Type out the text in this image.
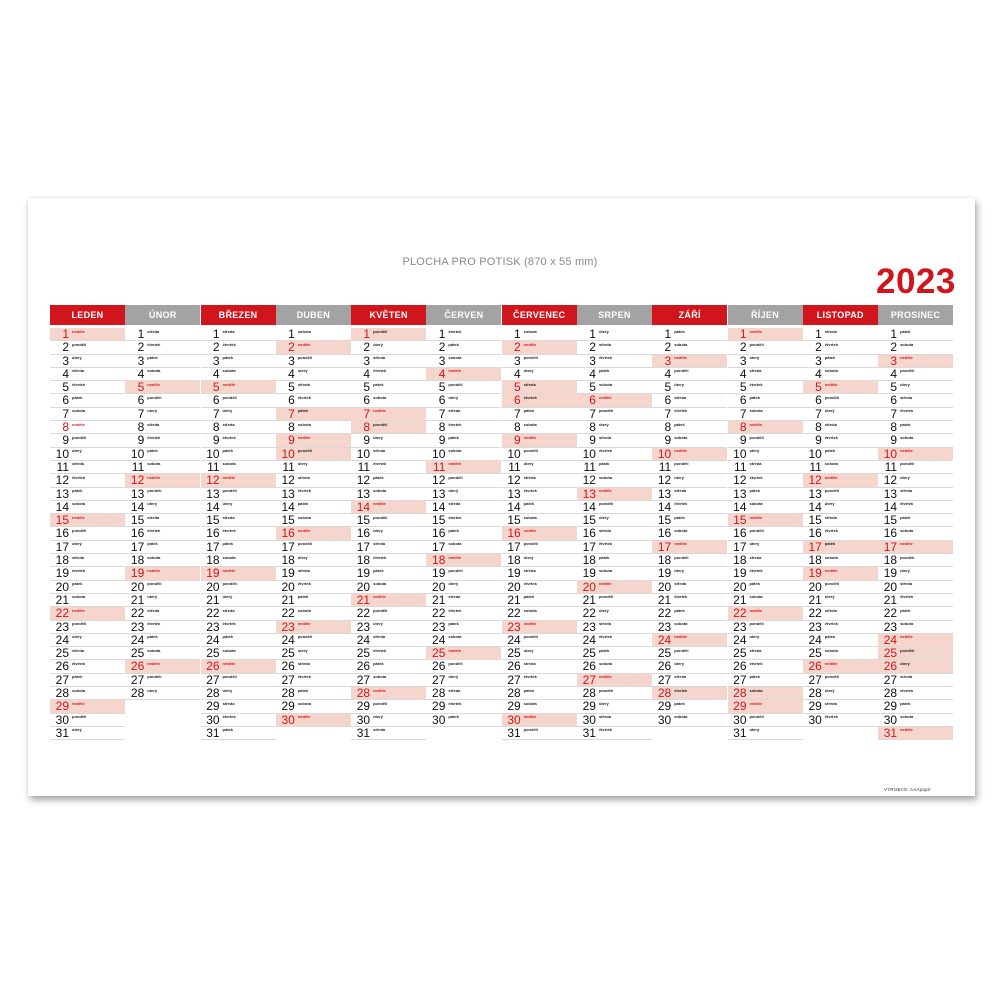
PLOCHA PRO POTISK (870 x 55 mm)	2023
LEDEN
1 neděle
2 pondělí
3 úterý
4 středa
5 čtvrtek
6 pátek
7 sobota
8 neděle
9 pondělí
10 úterý
11 středa
12 čtvrtek
13 pátek
14 sobota
15 neděle
16 pondělí
17 úterý
18 středa
19 čtvrtek
20 pátek
21 sobota
22 neděle
23 pondělí
24 úterý
25 středa
26 čtvrtek
27 pátek
28 sobota
29 neděle
30 pondělí
31 úterý
ÚNOR
1 středa
2 čtvrtek
3 pátek
4 sobota
5 neděle
6 pondělí
7 úterý
8 středa
9 čtvrtek
10 pátek
11 sobota
12 neděle
13 pondělí
14 úterý
15 středa
16 čtvrtek
17 pátek
18 sobota
19 neděle
20 pondělí
21 úterý
22 středa
23 čtvrtek
24 pátek
25 sobota
26 neděle
27 pondělí
28 úterý
BŘEZEN
1 středa
2 čtvrtek
3 pátek
4 sobota
5 neděle
6 pondělí
7 úterý
8 středa
9 čtvrtek
10 pátek
11 sobota
12 neděle
13 pondělí
14 úterý
15 středa
16 čtvrtek
17 pátek
18 sobota
19 neděle
20 pondělí
21 úterý
22 středa
23 čtvrtek
24 pátek
25 sobota
26 neděle
27 pondělí
28 úterý
29 středa
30 čtvrtek
31 pátek
DUBEN
1 sobota
2 neděle
3 pondělí
4 úterý
5 středa
6 čtvrtek
7 pátek
8 sobota
9 neděle
10 pondělí
11 úterý
12 středa
13 čtvrtek
14 pátek
15 sobota
16 neděle
17 pondělí
18 úterý
19 středa
20 čtvrtek
21 pátek
22 sobota
23 neděle
24 pondělí
25 úterý
26 středa
27 čtvrtek
28 pátek
29 sobota
30 neděle
KVĚTEN
1 pondělí
2 úterý
3 středa
4 čtvrtek
5 pátek
6 sobota
7 neděle
8 pondělí
9 úterý
10 středa
11 čtvrtek
12 pátek
13 sobota
14 neděle
15 pondělí
16 úterý
17 středa
18 čtvrtek
19 pátek
20 sobota
21 neděle
22 pondělí
23 úterý
24 středa
25 čtvrtek
26 pátek
27 sobota
28 neděle
29 pondělí
30 úterý
31 středa
ČERVEN
1 čtvrtek
2 pátek
3 sobota
4 neděle
5 pondělí
6 úterý
7 středa
8 čtvrtek
9 pátek
10 sobota
11 neděle
12 pondělí
13 úterý
14 středa
15 čtvrtek
16 pátek
17 sobota
18 neděle
19 pondělí
20 úterý
21 středa
22 čtvrtek
23 pátek
24 sobota
25 neděle
26 pondělí
27 úterý
28 středa
29 čtvrtek
30 pátek
ČERVENEC
1 sobota
2 neděle
3 pondělí
4 úterý
5 středa
6 čtvrtek
7 pátek
8 sobota
9 neděle
10 pondělí
11 úterý
12 středa
13 čtvrtek
14 pátek
15 sobota
16 neděle
17 pondělí
18 úterý
19 středa
20 čtvrtek
21 pátek
22 sobota
23 neděle
24 pondělí
25 úterý
26 středa
27 čtvrtek
28 pátek
29 sobota
30 neděle
31 pondělí
SRPEN
1 úterý
2 středa
3 čtvrtek
4 pátek
5 sobota
6 neděle
7 pondělí
8 úterý
9 středa
10 čtvrtek
11 pátek
12 sobota
13 neděle
14 pondělí
15 úterý
16 středa
17 čtvrtek
18 pátek
19 sobota
20 neděle
21 pondělí
22 úterý
23 středa
24 čtvrtek
25 pátek
26 sobota
27 neděle
28 pondělí
29 úterý
30 středa
31 čtvrtek
ZÁŘÍ
1 pátek
2 sobota
3 neděle
4 pondělí
5 úterý
6 středa
7 čtvrtek
8 pátek
9 sobota
10 neděle
11 pondělí
12 úterý
13 středa
14 čtvrtek
15 pátek
16 sobota
17 neděle
18 pondělí
19 úterý
20 středa
21 čtvrtek
22 pátek
23 sobota
24 neděle
25 pondělí
26 úterý
27 středa
28 čtvrtek
29 pátek
30 sobota
ŘÍJEN
1 neděle
2 pondělí
3 úterý
4 středa
5 čtvrtek
6 pátek
7 sobota
8 neděle
9 pondělí
10 úterý
11 středa
12 čtvrtek
13 pátek
14 sobota
15 neděle
16 pondělí
17 úterý
18 středa
19 čtvrtek
20 pátek
21 sobota
22 neděle
23 pondělí
24 úterý
25 středa
26 čtvrtek
27 pátek
28 sobota
29 neděle
30 pondělí
31 úterý
LISTOPAD
1 středa
2 čtvrtek
3 pátek
4 sobota
5 neděle
6 pondělí
7 úterý
8 středa
9 čtvrtek
10 pátek
11 sobota
12 neděle
13 pondělí
14 úterý
15 středa
16 čtvrtek
17 pátek
18 sobota
19 neděle
20 pondělí
21 úterý
22 středa
23 čtvrtek
24 pátek
25 sobota
26 neděle
27 pondělí
28 úterý
29 středa
30 čtvrtek
PROSINEC
1 pátek
2 sobota
3 neděle
4 pondělí
5 úterý
6 středa
7 čtvrtek
8 pátek
9 sobota
10 neděle
11 pondělí
12 úterý
13 středa
14 čtvrtek
15 pátek
16 sobota
17 neděle
18 pondělí
19 úterý
20 středa
21 čtvrtek
22 pátek
23 sobota
24 neděle
25 pondělí
26 úterý
27 středa
28 čtvrtek
29 pátek
30 sobota
31 neděle
VÝROBCE: AAApapír
